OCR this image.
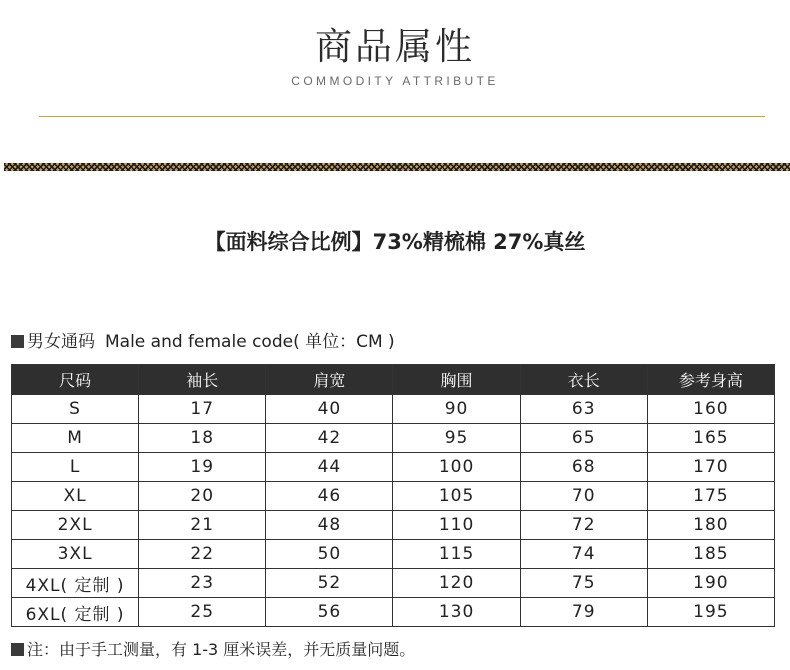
商品属性
COMMODITY ATTRIBUTE
【面料综合比例】73%精梳棉 27%真丝
男女通码 Male and female code( 单位：CM )
尺码	袖长	肩宽	胸围	衣长	参考身高
S	17	40	90	63	160
M	18	42	95	65	165
L	19	44	100	68	170
XL	20	46	105	70	175
2XL	21	48	110	72	180
3XL	22	50	115	74	185
4XL( 定制 )	23	52	120	75	190
6XL( 定制 )	25	56	130	79	195
注：由于手工测量，有 1-3 厘米误差，并无质量问题。
